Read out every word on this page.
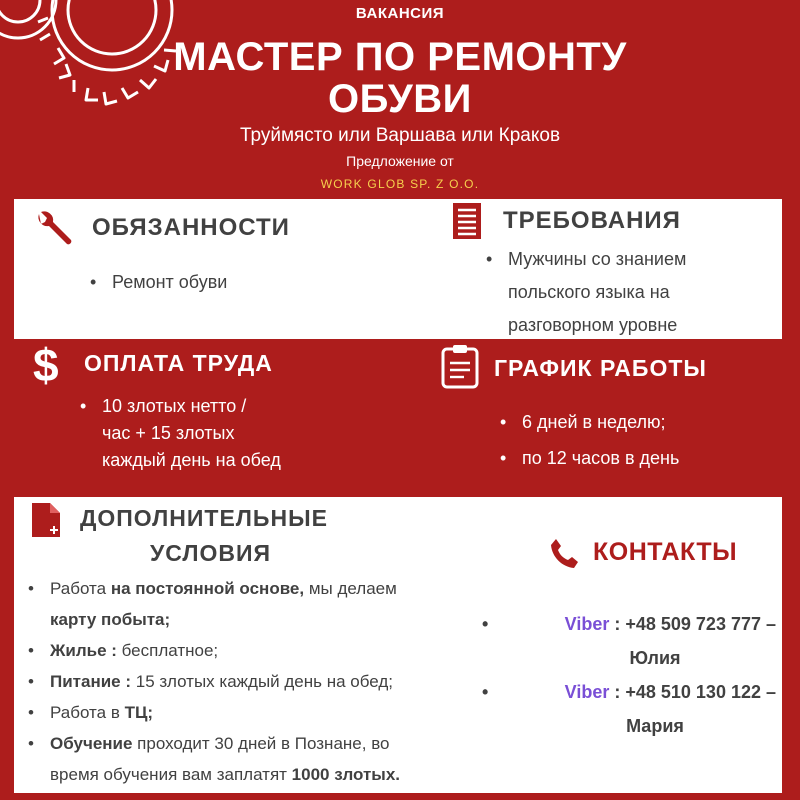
ВАКАНСИЯ
МАСТЕР ПО РЕМОНТУ
ОБУВИ
Труймясто или Варшава или Краков
Предложение от
WORK GLOB SP. Z O.O.
ОБЯЗАННОСТИ
• Ремонт обуви
ТРЕБОВАНИЯ
• Мужчины со знанием
польского языка на
разговорном уровне
$ ОПЛАТА ТРУДА
• 10 злотых нетто /
час + 15 злотых
каждый день на обед
ГРАФИК РАБОТЫ
• 6 дней в неделю;
• по 12 часов в день
ДОПОЛНИТЕЛЬНЫЕ
УСЛОВИЯ
• Работа на постоянной основе, мы делаем
карту побыта;
• Жилье : бесплатное;
• Питание : 15 злотых каждый день на обед;
• Работа в ТЦ;
• Обучение проходит 30 дней в Познане, во
время обучения вам заплатят 1000 злотых.
КОНТАКТЫ
•	Viber : +48 509 723 777 –
Юлия
•	Viber : +48 510 130 122 –
Мария
